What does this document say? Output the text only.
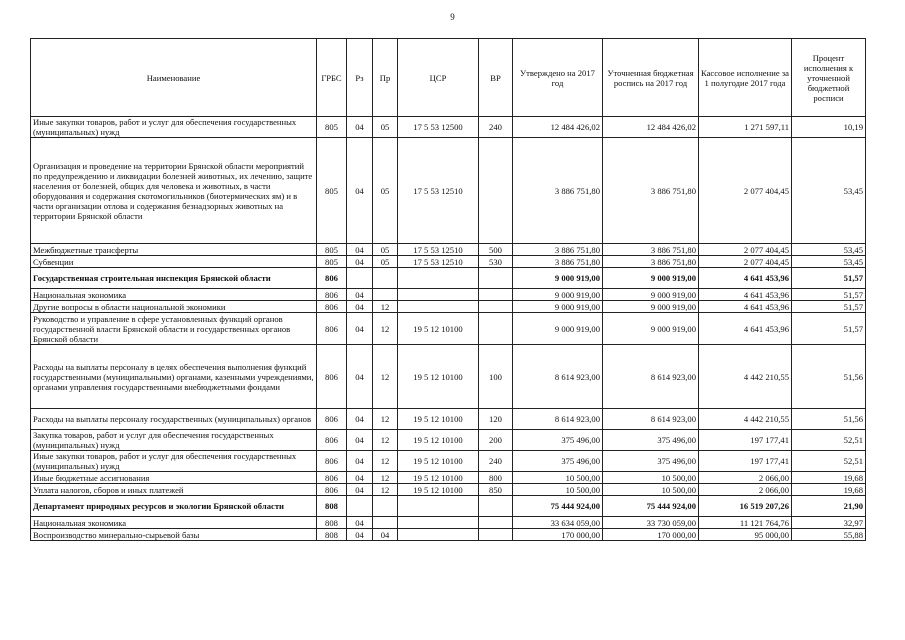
9
Наименование	ГРБС	Рз	Пр	ЦСР	ВР	Утверждено на 2017 год	Уточненная бюджетная роспись на 2017 год	Кассовое исполнение за 1 полугодие 2017 года	Процент исполнения к уточненной бюджетной росписи
Иные закупки товаров, работ и услуг для обеспечения государственных (муниципальных) нужд	805	04	05	17 5 53 12500	240	12 484 426,02	12 484 426,02	1 271 597,11	10,19
Организация и проведение на территории Брянской области мероприятий по предупреждению и ликвидации болезней животных, их лечению, защите населения от болезней, общих для человека и животных, в части оборудования и содержания скотомогильников (биотермических ям) и в части организации отлова и содержания безнадзорных животных на территории Брянской области	805	04	05	17 5 53 12510		3 886 751,80	3 886 751,80	2 077 404,45	53,45
Межбюджетные трансферты	805	04	05	17 5 53 12510	500	3 886 751,80	3 886 751,80	2 077 404,45	53,45
Субвенции	805	04	05	17 5 53 12510	530	3 886 751,80	3 886 751,80	2 077 404,45	53,45
Государственная строительная инспекция Брянской области	806					9 000 919,00	9 000 919,00	4 641 453,96	51,57
Национальная экономика	806	04				9 000 919,00	9 000 919,00	4 641 453,96	51,57
Другие вопросы в области национальной экономики	806	04	12			9 000 919,00	9 000 919,00	4 641 453,96	51,57
Руководство и управление в сфере установленных функций органов государственной власти Брянской области и государственных органов Брянской области	806	04	12	19 5 12 10100		9 000 919,00	9 000 919,00	4 641 453,96	51,57
Расходы на выплаты персоналу в целях обеспечения выполнения функций государственными (муниципальными) органами, казенными учреждениями, органами управления государственными внебюджетными фондами	806	04	12	19 5 12 10100	100	8 614 923,00	8 614 923,00	4 442 210,55	51,56
Расходы на выплаты персоналу государственных (муниципальных) органов	806	04	12	19 5 12 10100	120	8 614 923,00	8 614 923,00	4 442 210,55	51,56
Закупка товаров, работ и услуг для обеспечения государственных (муниципальных) нужд	806	04	12	19 5 12 10100	200	375 496,00	375 496,00	197 177,41	52,51
Иные закупки товаров, работ и услуг для обеспечения государственных (муниципальных) нужд	806	04	12	19 5 12 10100	240	375 496,00	375 496,00	197 177,41	52,51
Иные бюджетные ассигнования	806	04	12	19 5 12 10100	800	10 500,00	10 500,00	2 066,00	19,68
Уплата налогов, сборов и иных платежей	806	04	12	19 5 12 10100	850	10 500,00	10 500,00	2 066,00	19,68
Департамент природных ресурсов и экологии Брянской области	808					75 444 924,00	75 444 924,00	16 519 207,26	21,90
Национальная экономика	808	04				33 634 059,00	33 730 059,00	11 121 764,76	32,97
Воспроизводство минерально-сырьевой базы	808	04	04			170 000,00	170 000,00	95 000,00	55,88
